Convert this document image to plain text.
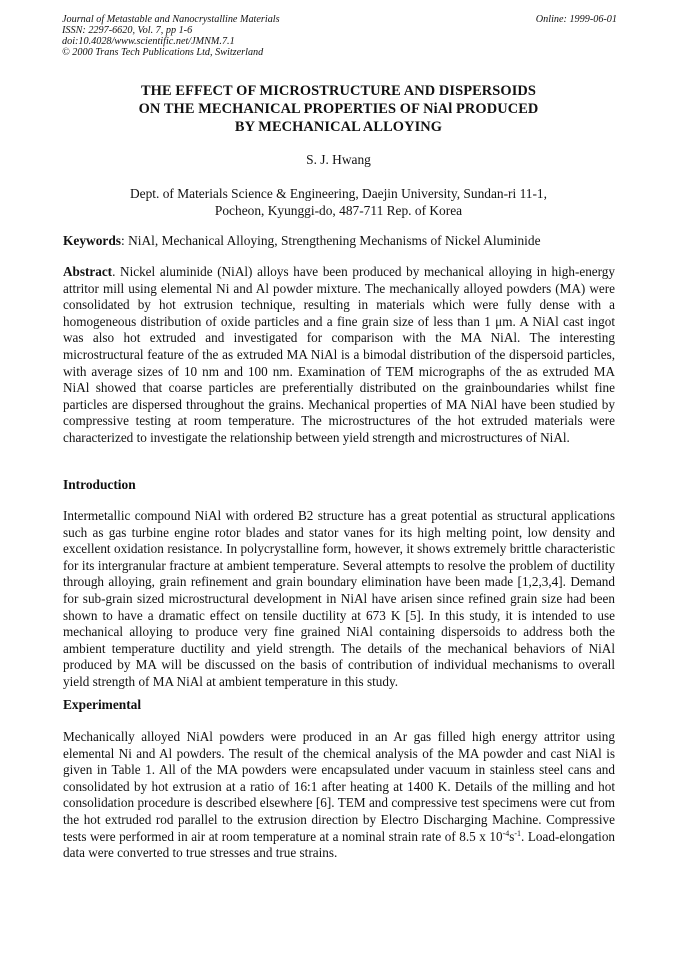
Journal of Metastable and Nanocrystalline Materials
ISSN: 2297-6620, Vol. 7, pp 1-6
doi:10.4028/www.scientific.net/JMNM.7.1
© 2000 Trans Tech Publications Ltd, Switzerland
Online: 1999-06-01
THE EFFECT OF MICROSTRUCTURE AND DISPERSOIDS
ON THE MECHANICAL PROPERTIES OF NiAl PRODUCED
BY MECHANICAL ALLOYING
S. J. Hwang
Dept. of Materials Science & Engineering, Daejin University, Sundan-ri 11-1,
Pocheon, Kyunggi-do, 487-711 Rep. of Korea
Keywords: NiAl, Mechanical Alloying, Strengthening Mechanisms of Nickel Aluminide
Abstract. Nickel aluminide (NiAl) alloys have been produced by mechanical alloying in high-energy attritor mill using elemental Ni and Al powder mixture. The mechanically alloyed powders (MA) were consolidated by hot extrusion technique, resulting in materials which were fully dense with a homogeneous distribution of oxide particles and a fine grain size of less than 1 μm. A NiAl cast ingot was also hot extruded and investigated for comparison with the MA NiAl. The interesting microstructural feature of the as extruded MA NiAl is a bimodal distribution of the dispersoid particles, with average sizes of 10 nm and 100 nm. Examination of TEM micrographs of the as extruded MA NiAl showed that coarse particles are preferentially distributed on the grainboundaries whilst fine particles are dispersed throughout the grains. Mechanical properties of MA NiAl have been studied by compressive testing at room temperature. The microstructures of the hot extruded materials were characterized to investigate the relationship between yield strength and microstructures of NiAl.
Introduction
Intermetallic compound NiAl with ordered B2 structure has a great potential as structural applications such as gas turbine engine rotor blades and stator vanes for its high melting point, low density and excellent oxidation resistance. In polycrystalline form, however, it shows extremely brittle characteristic for its intergranular fracture at ambient temperature. Several attempts to resolve the problem of ductility through alloying, grain refinement and grain boundary elimination have been made [1,2,3,4]. Demand for sub-grain sized microstructural development in NiAl have arisen since refined grain size had been shown to have a dramatic effect on tensile ductility at 673 K [5]. In this study, it is intended to use mechanical alloying to produce very fine grained NiAl containing dispersoids to address both the ambient temperature ductility and yield strength. The details of the mechanical behaviors of NiAl produced by MA will be discussed on the basis of contribution of individual mechanisms to overall yield strength of MA NiAl at ambient temperature in this study.
Experimental
Mechanically alloyed NiAl powders were produced in an Ar gas filled high energy attritor using elemental Ni and Al powders. The result of the chemical analysis of the MA powder and cast NiAl is given in Table 1. All of the MA powders were encapsulated under vacuum in stainless steel cans and consolidated by hot extrusion at a ratio of 16:1 after heating at 1400 K. Details of the milling and hot consolidation procedure is described elsewhere [6]. TEM and compressive test specimens were cut from the hot extruded rod parallel to the extrusion direction by Electro Discharging Machine. Compressive tests were performed in air at room temperature at a nominal strain rate of 8.5 x $10^{-4}s^{-1}$. Load-elongation data were converted to true stresses and true strains.
